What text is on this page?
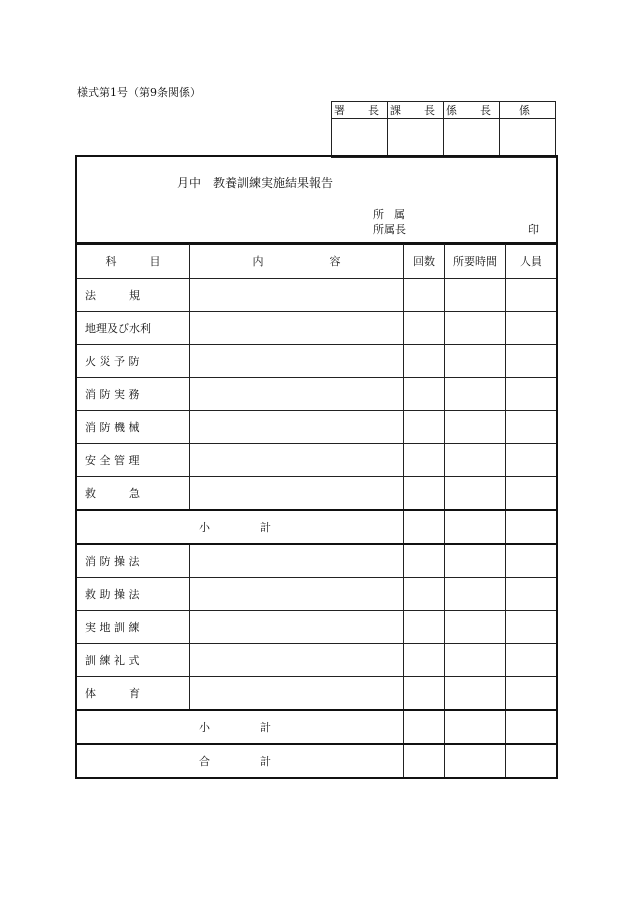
様式第1号（第9条関係）
署　長	課　長	係　長	係

月中　教養訓練実施結果報告
所属
所属長	印
科　　　目	内　　　　　　容	回数	所要時間	人員
法　　　規				
地理及び水利				
火 災 予 防				
消 防 実 務				
消 防 機 械				
安 全 管 理				
救　　　急				
小計				
消 防 操 法				
救 助 操 法				
実 地 訓 練				
訓 練 礼 式				
体　　　育				
小計				
合計				
